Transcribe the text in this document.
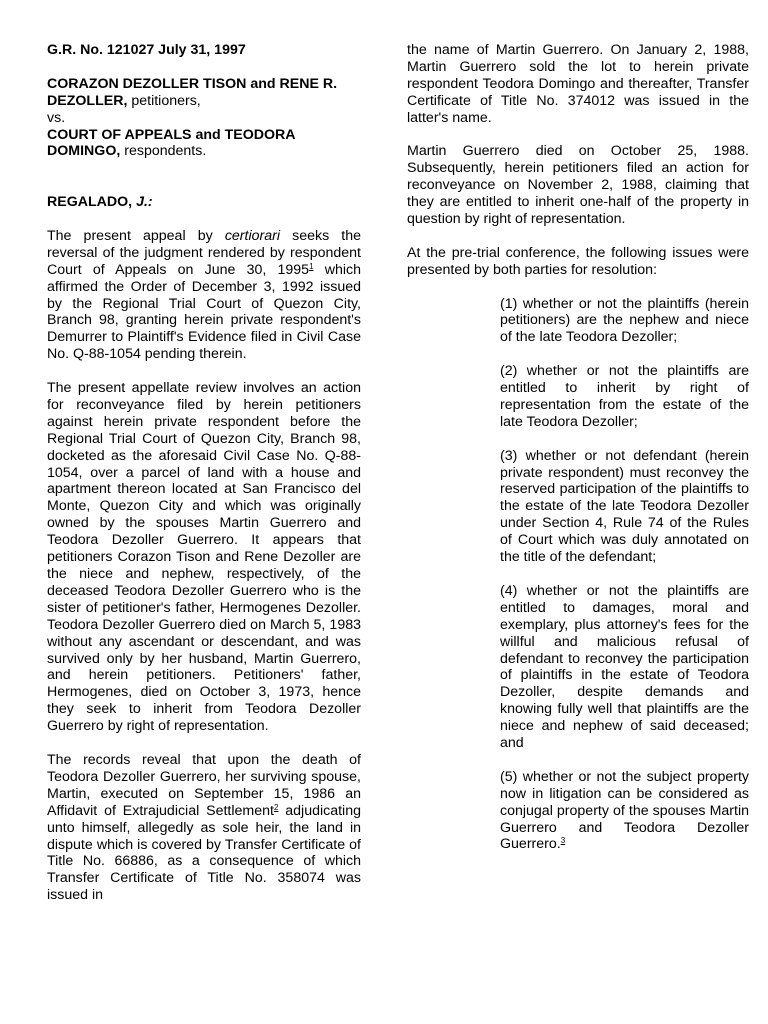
G.R. No. 121027 July 31, 1997

CORAZON DEZOLLER TISON and RENE R. DEZOLLER, petitioners,
vs.
COURT OF APPEALS and TEODORA DOMINGO, respondents.

REGALADO, J.:

The present appeal by certiorari seeks the reversal of the judgment rendered by respondent Court of Appeals on June 30, 1995$^1$ which affirmed the Order of December 3, 1992 issued by the Regional Trial Court of Quezon City, Branch 98, granting herein private respondent's Demurrer to Plaintiff's Evidence filed in Civil Case No. Q-88-1054 pending therein.

The present appellate review involves an action for reconveyance filed by herein petitioners against herein private respondent before the Regional Trial Court of Quezon City, Branch 98, docketed as the aforesaid Civil Case No. Q-88-1054, over a parcel of land with a house and apartment thereon located at San Francisco del Monte, Quezon City and which was originally owned by the spouses Martin Guerrero and Teodora Dezoller Guerrero. It appears that petitioners Corazon Tison and Rene Dezoller are the niece and nephew, respectively, of the deceased Teodora Dezoller Guerrero who is the sister of petitioner's father, Hermogenes Dezoller. Teodora Dezoller Guerrero died on March 5, 1983 without any ascendant or descendant, and was survived only by her husband, Martin Guerrero, and herein petitioners. Petitioners' father, Hermogenes, died on October 3, 1973, hence they seek to inherit from Teodora Dezoller Guerrero by right of representation.

The records reveal that upon the death of Teodora Dezoller Guerrero, her surviving spouse, Martin, executed on September 15, 1986 an Affidavit of Extrajudicial Settlement$^2$ adjudicating unto himself, allegedly as sole heir, the land in dispute which is covered by Transfer Certificate of Title No. 66886, as a consequence of which Transfer Certificate of Title No. 358074 was issued in

the name of Martin Guerrero. On January 2, 1988, Martin Guerrero sold the lot to herein private respondent Teodora Domingo and thereafter, Transfer Certificate of Title No. 374012 was issued in the latter's name.

Martin Guerrero died on October 25, 1988. Subsequently, herein petitioners filed an action for reconveyance on November 2, 1988, claiming that they are entitled to inherit one-half of the property in question by right of representation.

At the pre-trial conference, the following issues were presented by both parties for resolution:

(1) whether or not the plaintiffs (herein petitioners) are the nephew and niece of the late Teodora Dezoller;

(2) whether or not the plaintiffs are entitled to inherit by right of representation from the estate of the late Teodora Dezoller;

(3) whether or not defendant (herein private respondent) must reconvey the reserved participation of the plaintiffs to the estate of the late Teodora Dezoller under Section 4, Rule 74 of the Rules of Court which was duly annotated on the title of the defendant;

(4) whether or not the plaintiffs are entitled to damages, moral and exemplary, plus attorney's fees for the willful and malicious refusal of defendant to reconvey the participation of plaintiffs in the estate of Teodora Dezoller, despite demands and knowing fully well that plaintiffs are the niece and nephew of said deceased; and

(5) whether or not the subject property now in litigation can be considered as conjugal property of the spouses Martin Guerrero and Teodora Dezoller Guerrero.$^3$
